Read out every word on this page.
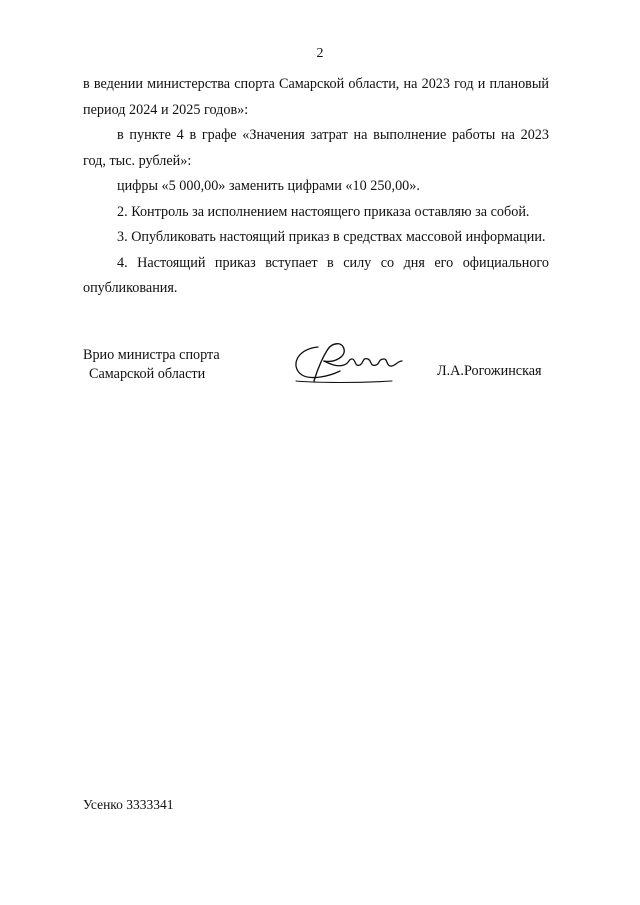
2

в ведении министерства спорта Самарской области, на 2023 год и плановый период 2024 и 2025 годов»:

в пункте 4 в графе «Значения затрат на выполнение работы на 2023 год, тыс. рублей»:

цифры «5 000,00» заменить цифрами «10 250,00».

2. Контроль за исполнением настоящего приказа оставляю за собой.

3. Опубликовать настоящий приказ в средствах массовой информации.

4. Настоящий приказ вступает в силу со дня его официального опубликования.

Врио министра спорта
Самарской области	Л.А.Рогожинская
Усенко 3333341
